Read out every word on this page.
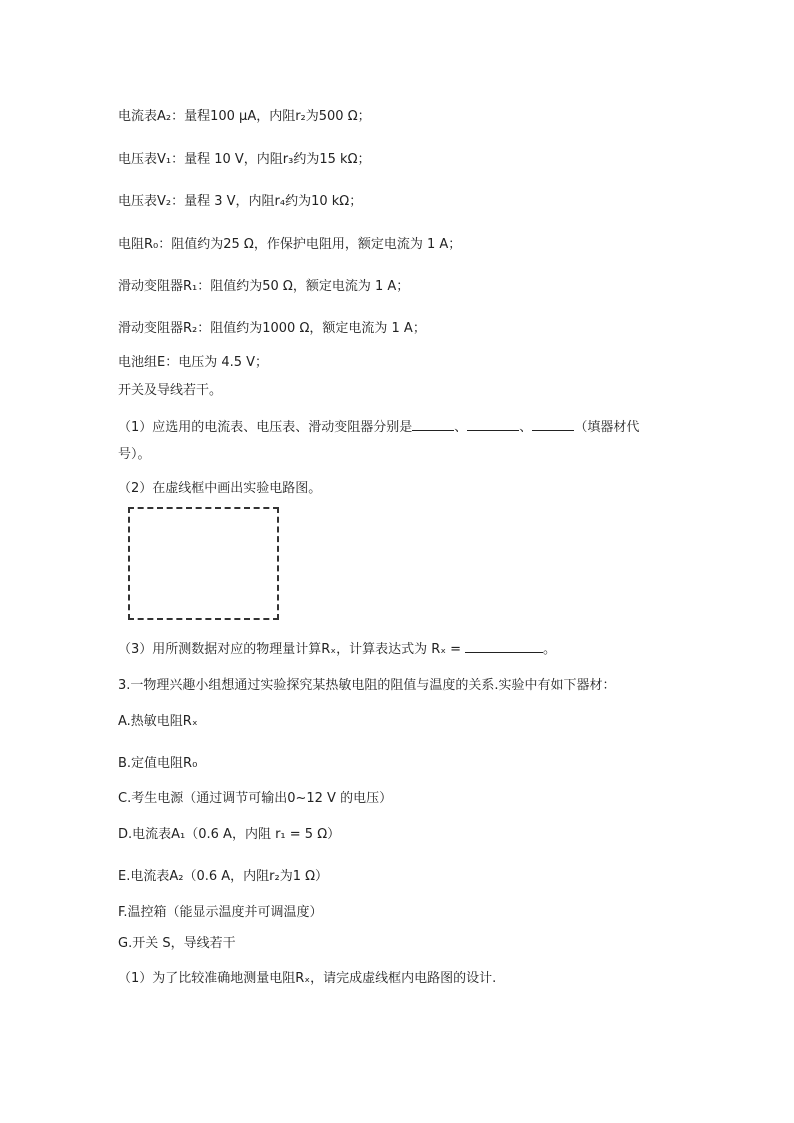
电流表A₂：量程100 μA，内阻r₂为500 Ω；
电压表V₁：量程 10 V，内阻r₃约为15 kΩ；
电压表V₂：量程 3 V，内阻r₄约为10 kΩ；
电阻R₀：阻值约为25 Ω，作保护电阻用，额定电流为 1 A；
滑动变阻器R₁：阻值约为50 Ω，额定电流为 1 A；
滑动变阻器R₂：阻值约为1000 Ω，额定电流为 1 A；
电池组E：电压为 4.5 V；
开关及导线若干。
（1）应选用的电流表、电压表、滑动变阻器分别是	、	、	（填器材代
号）。
（2）在虚线框中画出实验电路图。
（3）用所测数据对应的物理量计算Rₓ，计算表达式为 Rₓ =	。
3.一物理兴趣小组想通过实验探究某热敏电阻的阻值与温度的关系.实验中有如下器材：
A.热敏电阻Rₓ
B.定值电阻R₀
C.考生电源（通过调节可输出0~12 V 的电压）
D.电流表A₁（0.6 A，内阻 r₁ = 5 Ω）
E.电流表A₂（0.6 A，内阻r₂为1 Ω）
F.温控箱（能显示温度并可调温度）
G.开关 S，导线若干
（1）为了比较准确地测量电阻Rₓ，请完成虚线框内电路图的设计.
